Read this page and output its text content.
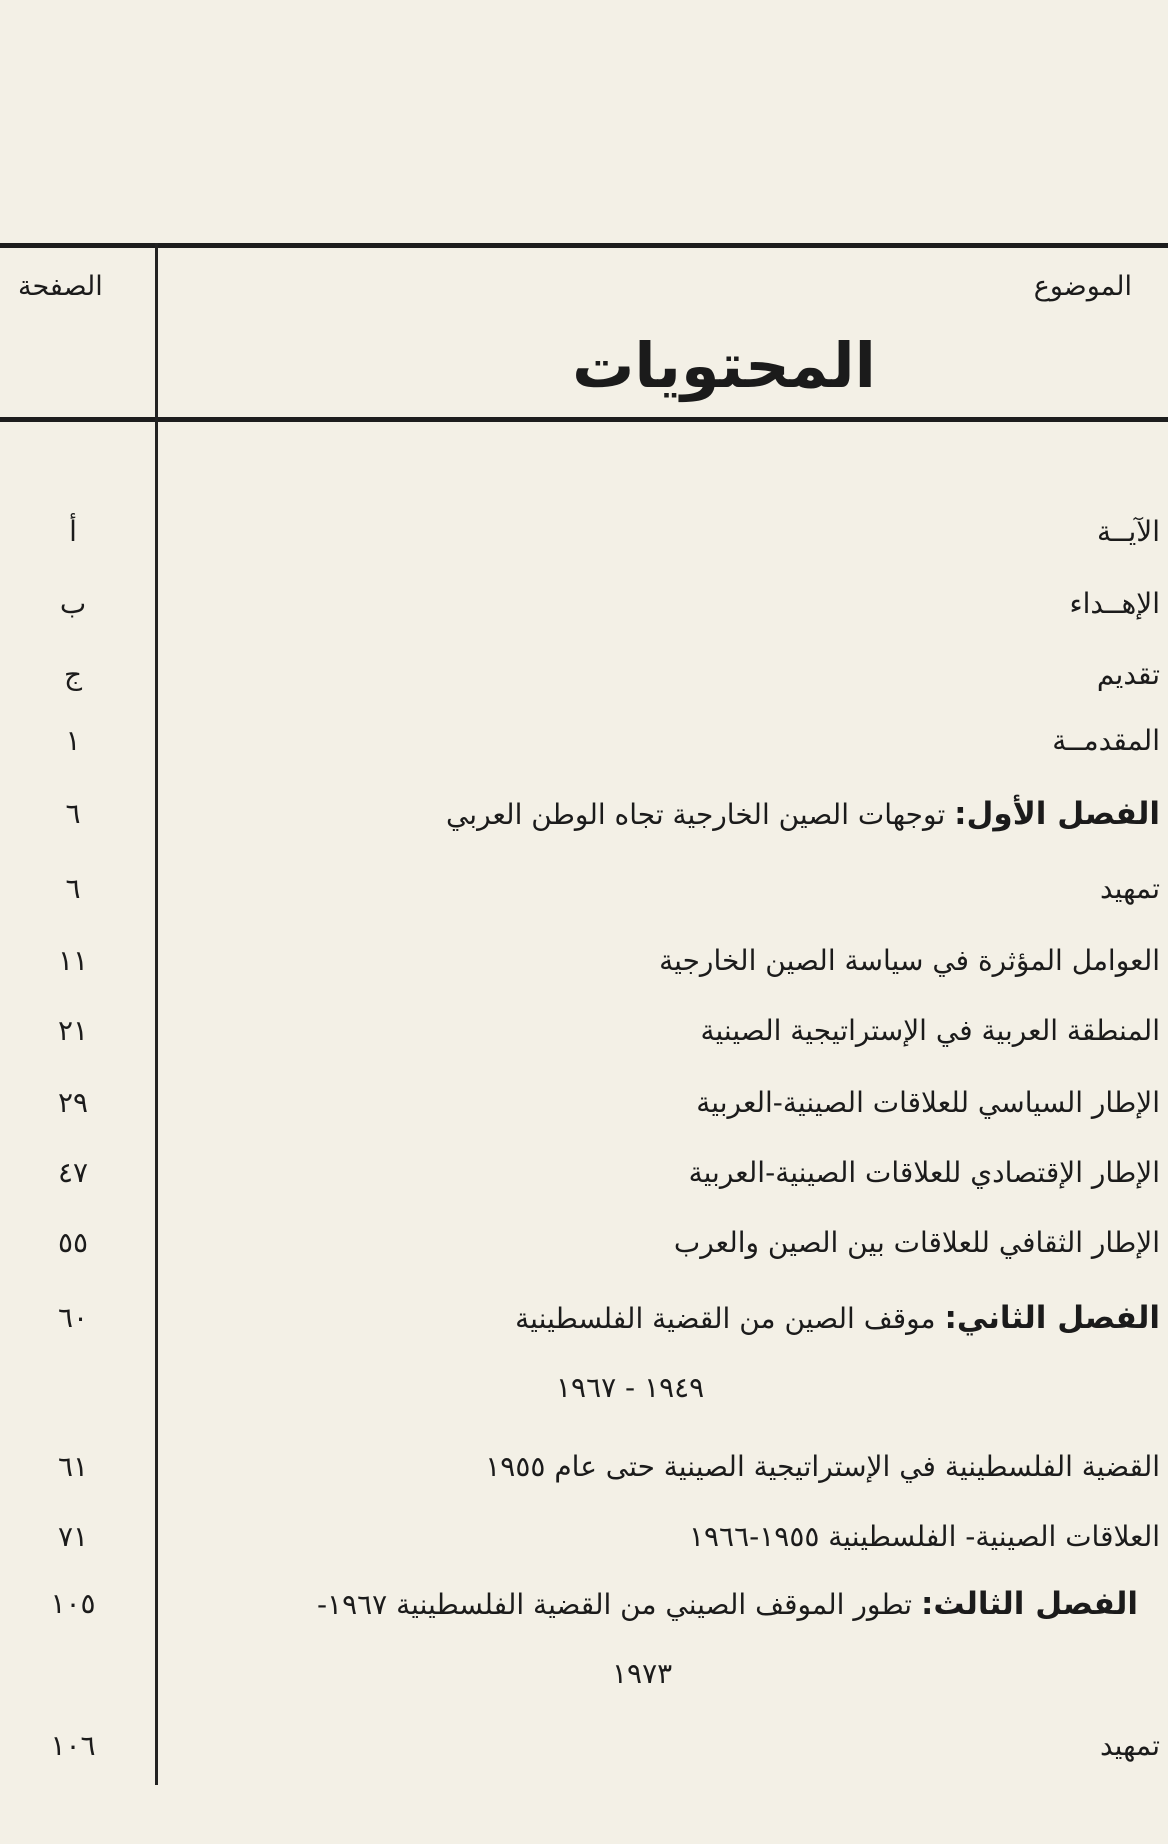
الموضوع
الصفحة
المحتويات
الآيــة
أ
الإهــداء
ب
تقديم
ج
المقدمــة
١
الفصل الأول: توجهات الصين الخارجية تجاه الوطن العربي
٦
تمهيد
٦
العوامل المؤثرة في سياسة الصين الخارجية
١١
المنطقة العربية في الإستراتيجية الصينية
٢١
الإطار السياسي للعلاقات الصينية-العربية
٢٩
الإطار الإقتصادي للعلاقات الصينية-العربية
٤٧
الإطار الثقافي للعلاقات بين الصين والعرب
٥٥
الفصل الثاني: موقف الصين من القضية الفلسطينية
١٩٤٩ - ١٩٦٧
٦٠
القضية الفلسطينية في الإستراتيجية الصينية حتى عام ١٩٥٥
٦١
العلاقات الصينية- الفلسطينية ١٩٥٥-١٩٦٦
٧١
الفصل الثالث: تطور الموقف الصيني من القضية الفلسطينية ١٩٦٧-
١٩٧٣
١٠٥
تمهيد
١٠٦
